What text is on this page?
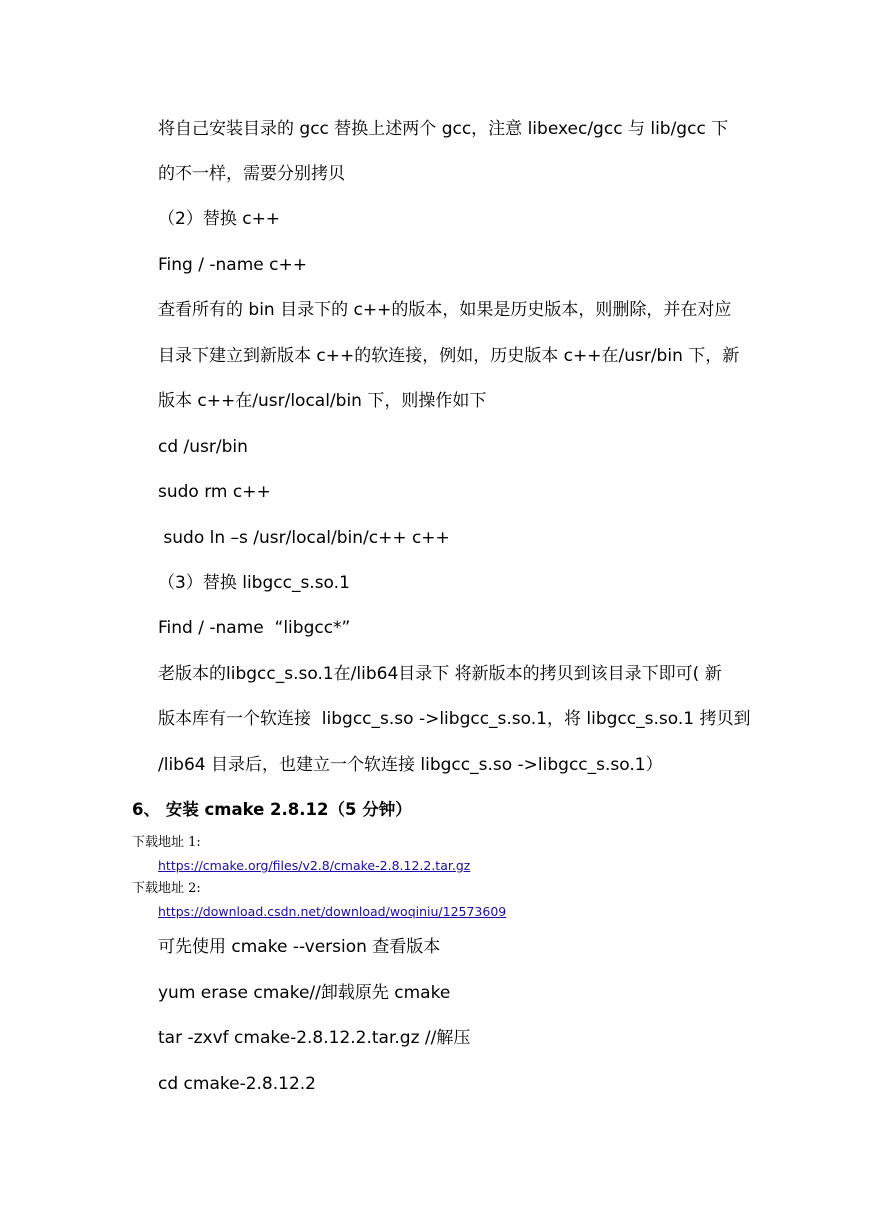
将自己安装目录的 gcc 替换上述两个 gcc，注意 libexec/gcc 与 lib/gcc 下
的不一样，需要分别拷贝
（2）替换 c++
Fing / -name c++
查看所有的 bin 目录下的 c++的版本，如果是历史版本，则删除，并在对应
目录下建立到新版本 c++的软连接，例如，历史版本 c++在/usr/bin 下，新
版本 c++在/usr/local/bin 下，则操作如下
cd /usr/bin
sudo rm c++
sudo ln –s /usr/local/bin/c++ c++
（3）替换 libgcc_s.so.1
Find / -name  “libgcc*”
老版本的libgcc_s.so.1在/lib64目录下 将新版本的拷贝到该目录下即可( 新
版本库有一个软连接  libgcc_s.so ->libgcc_s.so.1，将 libgcc_s.so.1 拷贝到
/lib64 目录后，也建立一个软连接 libgcc_s.so ->libgcc_s.so.1）
6、 安装 cmake 2.8.12（5 分钟）
下载地址 1:
https://cmake.org/files/v2.8/cmake-2.8.12.2.tar.gz
下载地址 2:
https://download.csdn.net/download/woqiniu/12573609
可先使用 cmake --version 查看版本
yum erase cmake//卸载原先 cmake
tar -zxvf cmake-2.8.12.2.tar.gz //解压
cd cmake-2.8.12.2
